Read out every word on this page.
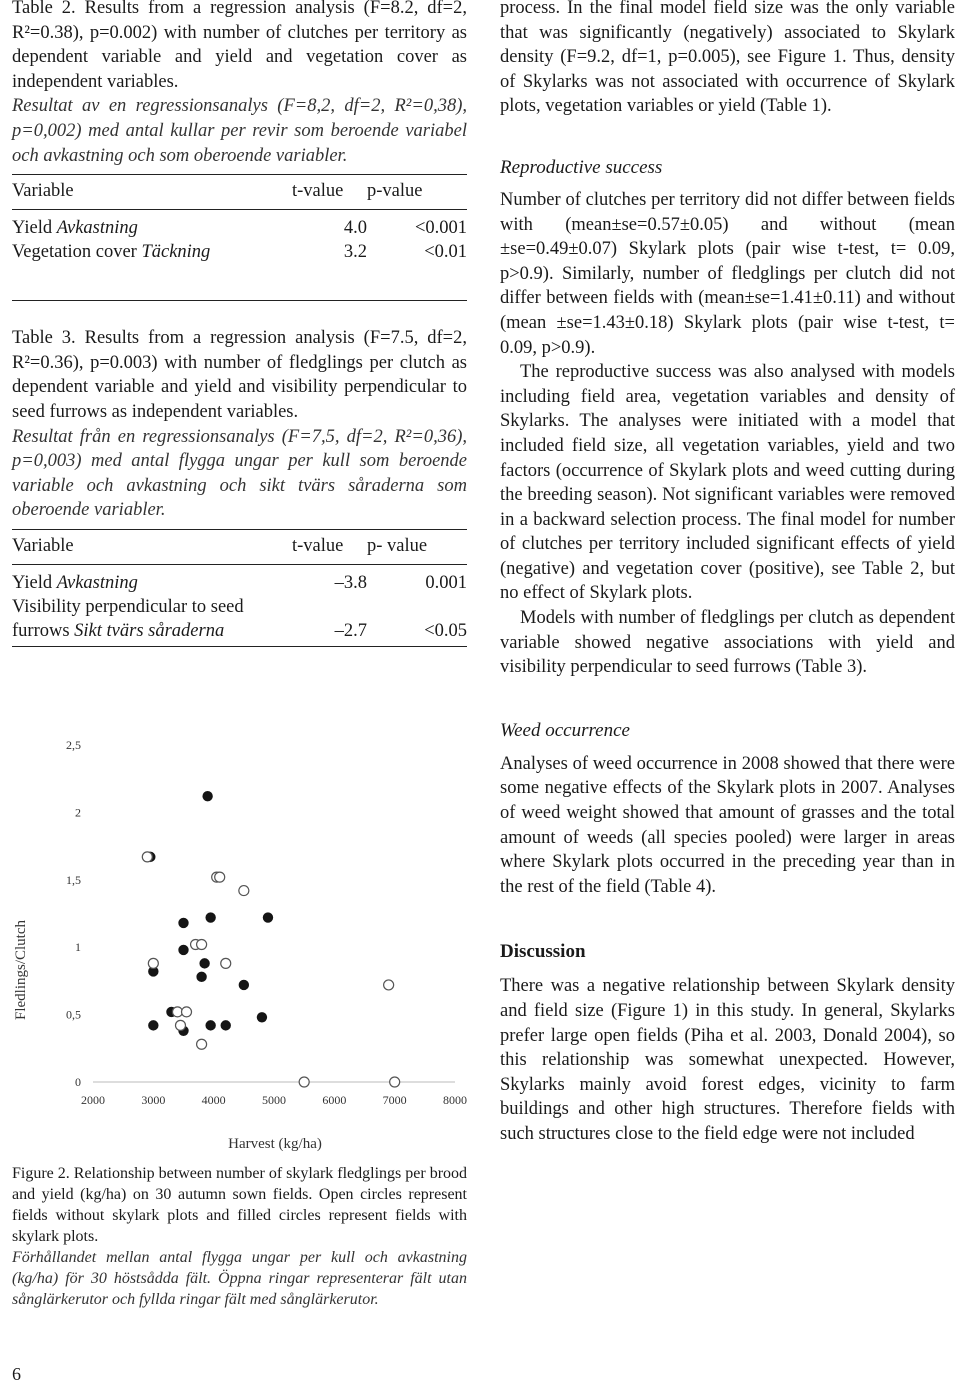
Table 2. Results from a regression analysis (F=8.2, df=2, R²=0.38), p=0.002) with number of clutches per territory as dependent variable and yield and vegetation cover as independent variables.

Resultat av en regressionsanalys (F=8,2, df=2, R²=0,38), p=0,002) med antal kullar per revir som beroende variabel och avkastning och som oberoende variabler.

Variable	t-value	p-value
Yield Avkastning	4.0	<0.001
Vegetation cover Täckning	3.2	<0.01

Table 3. Results from a regression analysis (F=7.5, df=2, R²=0.36), p=0.003) with number of fledglings per clutch as dependent variable and yield and visibility perpendicular to seed furrows as independent variables.

Resultat från en regressionsanalys (F=7,5, df=2, R²=0,36), p=0,003) med antal flygga ungar per kull som beroende variable och avkastning och sikt tvärs såraderna som oberoende variabler.

Variable	t-value	p- value
Yield Avkastning	–3.8	0.001
Visibility perpendicular to seed
furrows Sikt tvärs såraderna	–2.7	<0.05
2000	3000	4000	5000	6000	7000	8000
0
0,5
1
1,5
2
2,5
Harvest (kg/ha)
Fledlings/Clutch
Figure 2. Relationship between number of skylark fledglings per brood and yield (kg/ha) on 30 autumn sown fields. Open circles represent fields without skylark plots and filled circles represent fields with skylark plots.
Förhållandet mellan antal flygga ungar per kull och avkastning (kg/ha) för 30 höstsådda fält. Öppna ringar representerar fält utan sånglärkerutor och fyllda ringar fält med sånglärkerutor.
6

process. In the final model field size was the only variable that was significantly (negatively) associated to Skylark density (F=9.2, df=1, p=0.005), see Figure 1. Thus, density of Skylarks was not associated with occurrence of Skylark plots, vegetation variables or yield (Table 1).

Reproductive success

Number of clutches per territory did not differ between fields with (mean±se=0.57±0.05) and without (mean ±se=0.49±0.07) Skylark plots (pair wise t-test, t= 0.09, p>0.9). Similarly, number of fledglings per clutch did not differ between fields with (mean±se=1.41±0.11) and without (mean ±se=1.43±0.18) Skylark plots (pair wise t-test, t= 0.09, p>0.9).

The reproductive success was also analysed with models including field area, vegetation variables and density of Skylarks. The analyses were initiated with a model that included field size, all vegetation variables, yield and two factors (occurrence of Skylark plots and weed cutting during the breeding season). Not significant variables were removed in a backward selection process. The final model for number of clutches per territory included significant effects of yield (negative) and vegetation cover (positive), see Table 2, but no effect of Skylark plots.

Models with number of fledglings per clutch as dependent variable showed negative associations with yield and visibility perpendicular to seed furrows (Table 3).

Weed occurrence

Analyses of weed occurrence in 2008 showed that there were some negative effects of the Skylark plots in 2007. Analyses of weed weight showed that amount of grasses and the total amount of weeds (all species pooled) were larger in areas where Skylark plots occurred in the preceding year than in the rest of the field (Table 4).

Discussion

There was a negative relationship between Skylark density and field size (Figure 1) in this study. In general, Skylarks prefer large open fields (Piha et al. 2003, Donald 2004), so this relationship was somewhat unexpected. However, Skylarks mainly avoid forest edges, vicinity to farm buildings and other high structures. Therefore fields with such structures close to the field edge were not included
